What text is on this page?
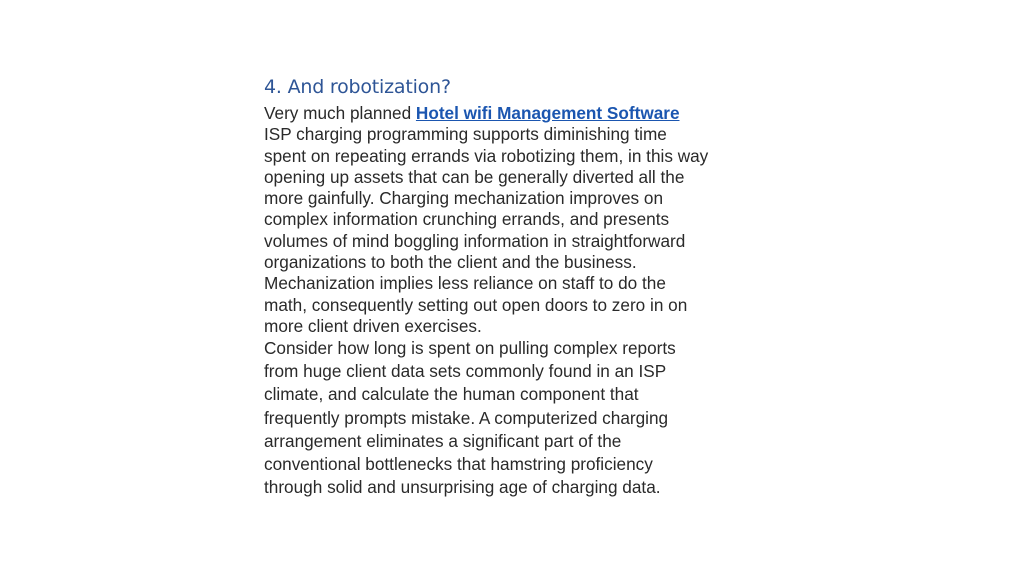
4. And robotization?

Very much planned Hotel wifi Management Software
ISP charging programming supports diminishing time
spent on repeating errands via robotizing them, in this way
opening up assets that can be generally diverted all the
more gainfully. Charging mechanization improves on
complex information crunching errands, and presents
volumes of mind boggling information in straightforward
organizations to both the client and the business.
Mechanization implies less reliance on staff to do the
math, consequently setting out open doors to zero in on
more client driven exercises.

Consider how long is spent on pulling complex reports
from huge client data sets commonly found in an ISP
climate, and calculate the human component that
frequently prompts mistake. A computerized charging
arrangement eliminates a significant part of the
conventional bottlenecks that hamstring proficiency
through solid and unsurprising age of charging data.
